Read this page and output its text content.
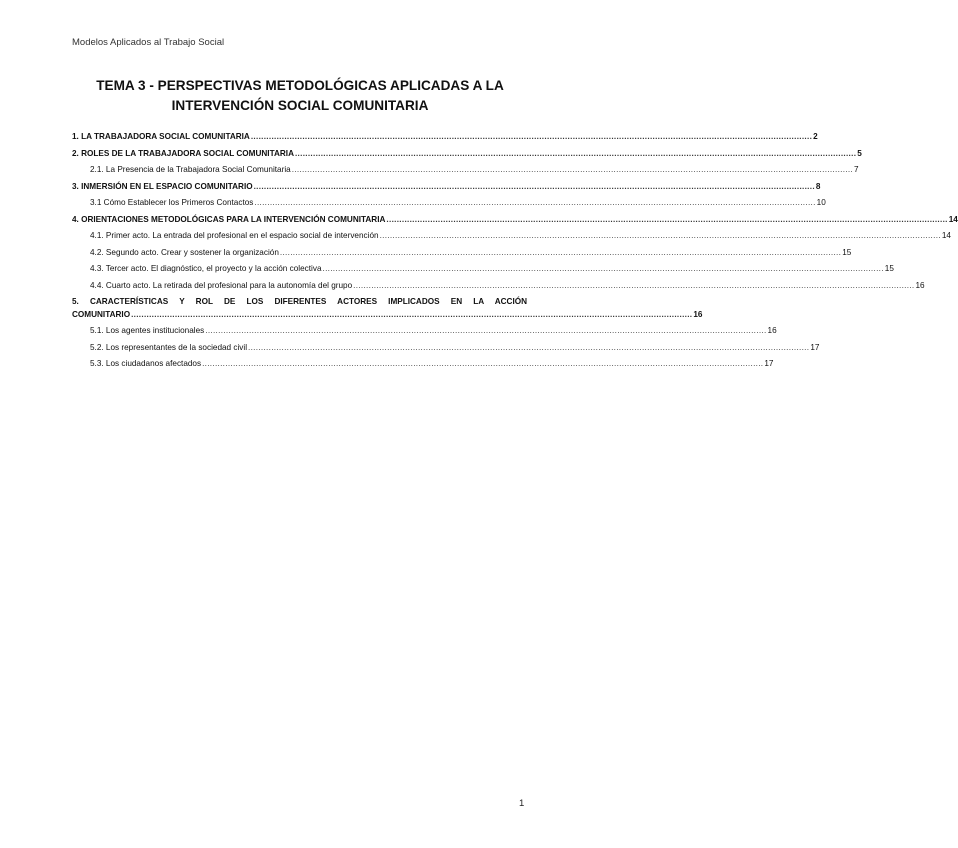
Modelos Aplicados al Trabajo Social
TEMA 3 - PERSPECTIVAS METODOLÓGICAS APLICADAS A LA
INTERVENCIÓN SOCIAL COMUNITARIA
1. LA TRABAJADORA SOCIAL COMUNITARIA .......................................................................................................................................................................................................................... 2
2. ROLES DE LA TRABAJADORA SOCIAL COMUNITARIA .......................................................................................................................................................................................................................... 5
2.1. La Presencia de la Trabajadora Social Comunitaria .......................................................................................................................................................................................................................... 7
3. INMERSIÓN EN EL ESPACIO COMUNITARIO .......................................................................................................................................................................................................................... 8
3.1 Cómo Establecer los Primeros Contactos .......................................................................................................................................................................................................................... 10
4. ORIENTACIONES METODOLÓGICAS PARA LA INTERVENCIÓN COMUNITARIA .......................................................................................................................................................................................................................... 14
4.1. Primer acto. La entrada del profesional en el espacio social de intervención .......................................................................................................................................................................................................................... 14
4.2. Segundo acto. Crear y sostener la organización .......................................................................................................................................................................................................................... 15
4.3. Tercer acto. El diagnóstico, el proyecto y la acción colectiva .......................................................................................................................................................................................................................... 15
4.4. Cuarto acto. La retirada del profesional para la autonomía del grupo .......................................................................................................................................................................................................................... 16
5. CARACTERÍSTICAS Y ROL DE LOS DIFERENTES ACTORES IMPLICADOS EN LA ACCIÓN
COMUNITARIO .......................................................................................................................................................................................................................... 16
5.1. Los agentes institucionales .......................................................................................................................................................................................................................... 16
5.2. Los representantes de la sociedad civil .......................................................................................................................................................................................................................... 17
5.3. Los ciudadanos afectados .......................................................................................................................................................................................................................... 17
1
